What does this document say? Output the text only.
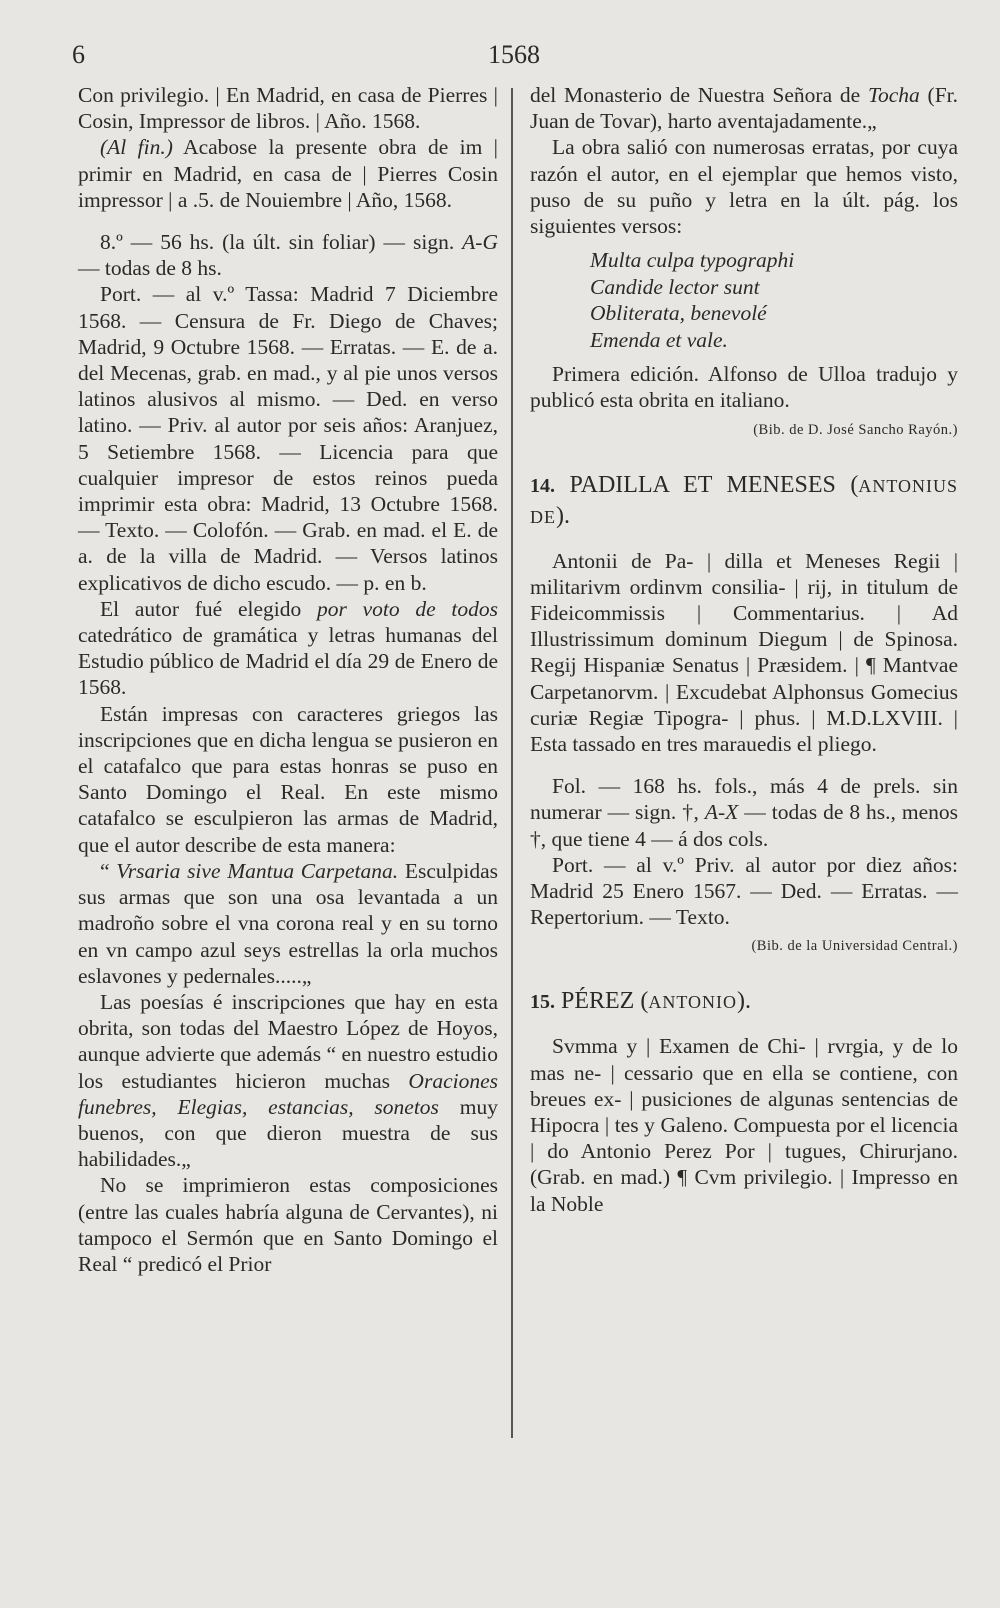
6	1568

Con privilegio. | En Madrid, en casa de Pierres | Cosin, Impressor de libros. | Año. 1568.

(Al fin.) Acabose la presente obra de im | primir en Madrid, en casa de | Pierres Cosin impressor | a .5. de Nouiembre | Año, 1568.

8.º — 56 hs. (la últ. sin foliar) — sign. A-G — todas de 8 hs.

Port. — al v.º Tassa: Madrid 7 Diciembre 1568. — Censura de Fr. Diego de Chaves; Madrid, 9 Octubre 1568. — Erratas. — E. de a. del Mecenas, grab. en mad., y al pie unos versos latinos alusivos al mismo. — Ded. en verso latino. — Priv. al autor por seis años: Aranjuez, 5 Setiembre 1568. — Licencia para que cualquier impresor de estos reinos pueda imprimir esta obra: Madrid, 13 Octubre 1568. — Texto. — Colofón. — Grab. en mad. el E. de a. de la villa de Madrid. — Versos latinos explicativos de dicho escudo. — p. en b.

El autor fué elegido por voto de todos catedrático de gramática y letras humanas del Estudio público de Madrid el día 29 de Enero de 1568.

Están impresas con caracteres griegos las inscripciones que en dicha lengua se pusieron en el catafalco que para estas honras se puso en Santo Domingo el Real. En este mismo catafalco se esculpieron las armas de Madrid, que el autor describe de esta manera:

“ Vrsaria sive Mantua Carpetana. Esculpidas sus armas que son una osa levantada a un madroño sobre el vna corona real y en su torno en vn campo azul seys estrellas la orla muchos eslavones y pedernales.....„

Las poesías é inscripciones que hay en esta obrita, son todas del Maestro López de Hoyos, aunque advierte que además “ en nuestro estudio los estudiantes hicieron muchas Oraciones funebres, Elegias, estancias, sonetos muy buenos, con que dieron muestra de sus habilidades.„

No se imprimieron estas composiciones (entre las cuales habría alguna de Cervantes), ni tampoco el Sermón que en Santo Domingo el Real “ predicó el Prior

del Monasterio de Nuestra Señora de Tocha (Fr. Juan de Tovar), harto aventajadamente.„

La obra salió con numerosas erratas, por cuya razón el autor, en el ejemplar que hemos visto, puso de su puño y letra en la últ. pág. los siguientes versos:

Multa culpa typographi
Candide lector sunt
Obliterata, benevolé
Emenda et vale.

Primera edición. Alfonso de Ulloa tradujo y publicó esta obrita en italiano.

(Bib. de D. José Sancho Rayón.)

14. PADILLA ET MENESES (ANTONIUS DE).

Antonii de Pa- | dilla et Meneses Regii | militarivm ordinvm consilia- | rij, in titulum de Fideicommissis | Commentarius. | Ad Illustrissimum dominum Diegum | de Spinosa. Regij Hispaniæ Senatus | Præsidem. | ¶ Mantvae Carpetanorvm. | Excudebat Alphonsus Gomecius curiæ Regiæ Tipogra- | phus. | M.D.LXVIII. | Esta tassado en tres marauedis el pliego.

Fol. — 168 hs. fols., más 4 de prels. sin numerar — sign. †, A-X — todas de 8 hs., menos †, que tiene 4 — á dos cols.

Port. — al v.º Priv. al autor por diez años: Madrid 25 Enero 1567. — Ded. — Erratas. — Repertorium. — Texto.

(Bib. de la Universidad Central.)

15. PÉREZ (ANTONIO).

Svmma y | Examen de Chi- | rvrgia, y de lo mas ne- | cessario que en ella se contiene, con breues ex- | pusiciones de algunas sentencias de Hipocra | tes y Galeno. Compuesta por el licencia | do Antonio Perez Por | tugues, Chirurjano. (Grab. en mad.) ¶ Cvm privilegio. | Impresso en la Noble
